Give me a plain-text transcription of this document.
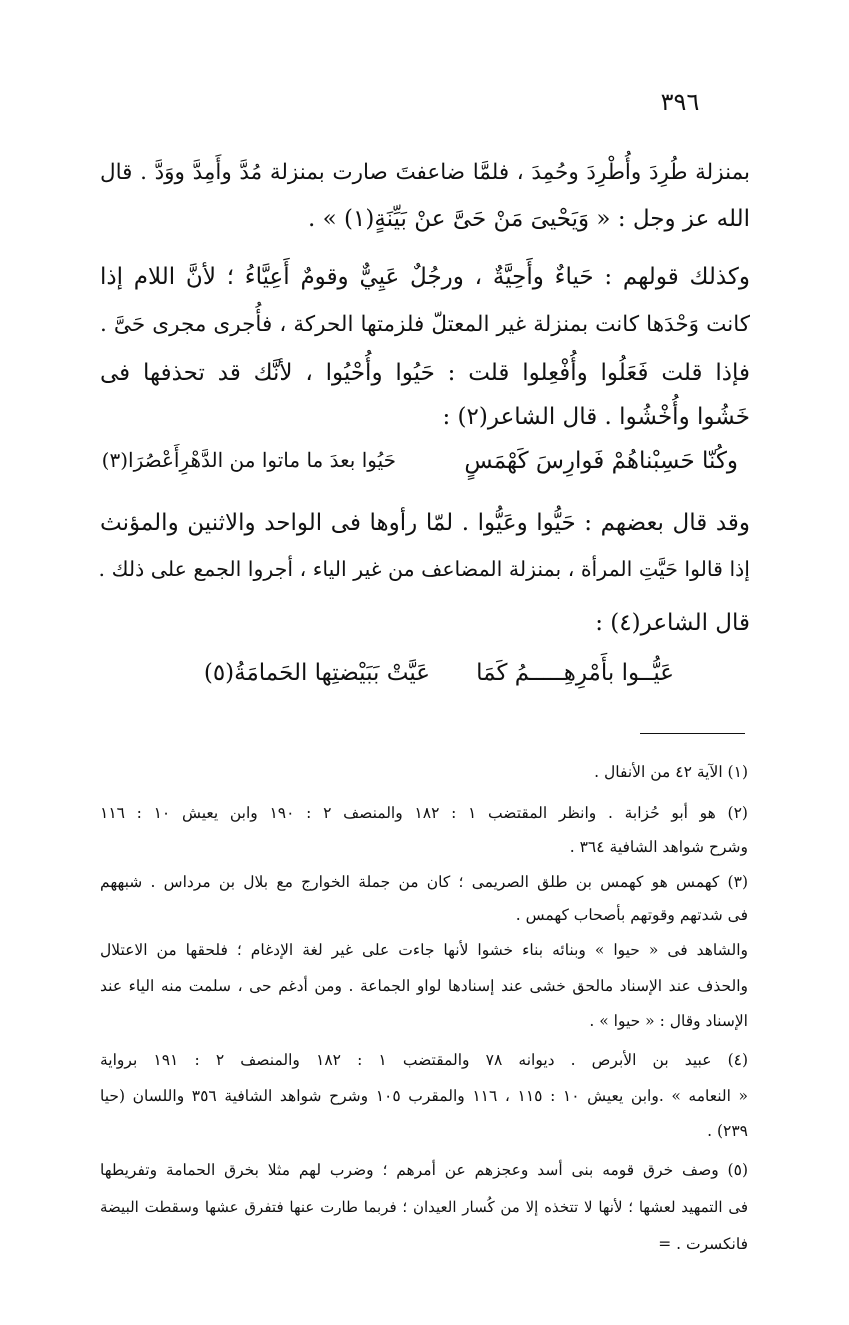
٣٩٦
بمنزلة طُرِدَ وأُطْرِدَ وحُمِدَ ، فلمَّا ضاعفتَ صارت بمنزلة مُدَّ وأَمِدَّ ووَدَّ . قال
الله عز وجل : « وَيَحْيىَ مَنْ حَىَّ عنْ بَيِّنَةٍ(١) » .
وكذلك قولهم : حَياءٌ وأَحِيَّةٌ ، ورجُلٌ عَيِيٌّ وقومٌ أَعِيَّاءُ ؛ لأنَّ اللام إذا
كانت وَحْدَها كانت بمنزلة غير المعتلّ فلزمتها الحركة ، فأُجرى مجرى حَىَّ .
فإذا قلت فَعَلُوا وأُفْعِلوا قلت : حَيُوا وأُحْيُوا ، لأنَّك قد تحذفها فى
خَشُوا وأُخْشُوا . قال الشاعر(٢) :
وقد قال بعضهم : حَيُّوا وعَيُّوا . لمّا رأوها فى الواحد والاثنين والمؤنث
إذا قالوا حَيَّتِ المرأة ، بمنزلة المضاعف من غير الياء ، أجروا الجمع على ذلك .
قال الشاعر(٤) :
وكُنّا حَسِبْناهُمْ فَوارِسَ كَهْمَسٍ
حَيُوا بعدَ ما ماتوا من الدَّهْرِأَعْصُرَا(٣)
عَيُّــوا بأَمْرِهِـــــمُ كَمَا
عَيَّتْ بَبَيْضتِها الحَمامَةُ(٥)
(١) الآية ٤٢ من الأنفال .
(٢) هو أبو حُزابة . وانظر المقتضب ١ : ١٨٢ والمنصف ٢ : ١٩٠ وابن يعيش ١٠ : ١١٦
وشرح شواهد الشافية ٣٦٤ .
(٣) كهمس هو كهمس بن طلق الصريمى ؛ كان من جملة الخوارج مع بلال بن مرداس . شبههم
فى شدتهم وقوتهم بأصحاب كهمس .
والشاهد فى « حيوا » وبنائه بناء خشوا لأنها جاءت على غير لغة الإدغام ؛ فلحقها من الاعتلال
والحذف عند الإسناد مالحق خشى عند إسنادها لواو الجماعة . ومن أدغم حى ، سلمت منه الياء عند
الإسناد وقال : « حيوا » .
(٤) عبيد بن الأبرص . ديوانه ٧٨ والمقتضب ١ : ١٨٢ والمنصف ٢ : ١٩١ برواية
« النعامه » .وابن يعيش ١٠ : ١١٥ ، ١١٦ والمقرب ١٠٥ وشرح شواهد الشافية ٣٥٦ واللسان (حيا
٢٣٩) .
(٥) وصف خرق قومه بنى أسد وعجزهم عن أمرهم ؛ وضرب لهم مثلا بخرق الحمامة وتفريطها
فى التمهيد لعشها ؛ لأنها لا تتخذه إلا من كُسار العيدان ؛ فربما طارت عنها فتفرق عشها وسقطت البيضة
فانكسرت . =
